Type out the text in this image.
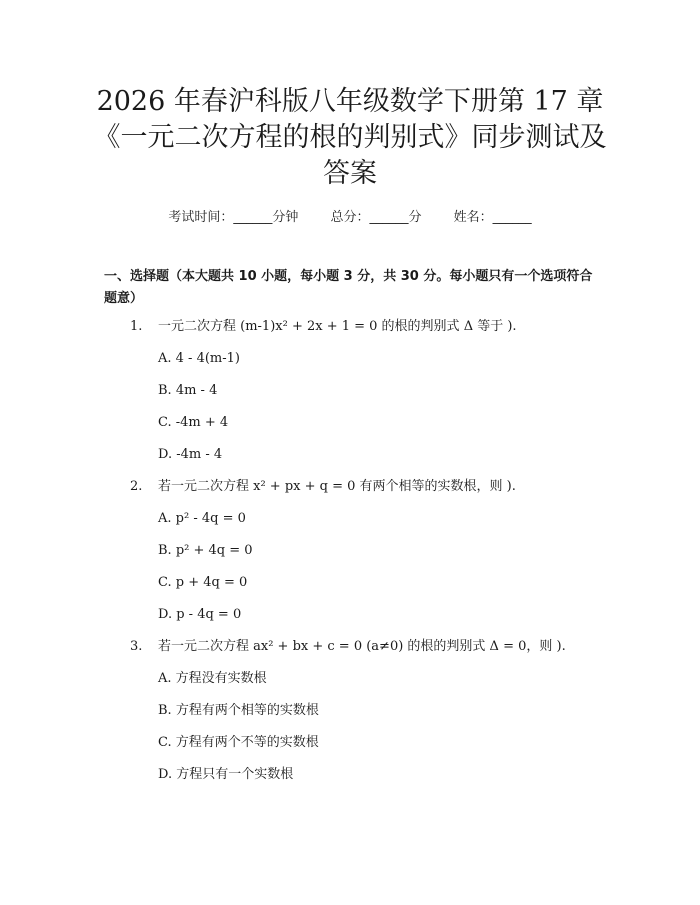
2026 年春沪科版八年级数学下册第 17 章
《一元二次方程的根的判别式》同步测试及
答案
考试时间：______分钟 总分：______分 姓名：______
一、选择题（本大题共 10 小题，每小题 3 分，共 30 分。每小题只有一个选项符合题意）
1.	一元二次方程 (m-1)x² + 2x + 1 = 0 的根的判别式 Δ 等于 ).
A. 4 - 4(m-1)
B. 4m - 4
C. -4m + 4
D. -4m - 4
2.	若一元二次方程 x² + px + q = 0 有两个相等的实数根，则 ).
A. p² - 4q = 0
B. p² + 4q = 0
C. p + 4q = 0
D. p - 4q = 0
3.	若一元二次方程 ax² + bx + c = 0 (a≠0) 的根的判别式 Δ = 0，则 ).
A. 方程没有实数根
B. 方程有两个相等的实数根
C. 方程有两个不等的实数根
D. 方程只有一个实数根
